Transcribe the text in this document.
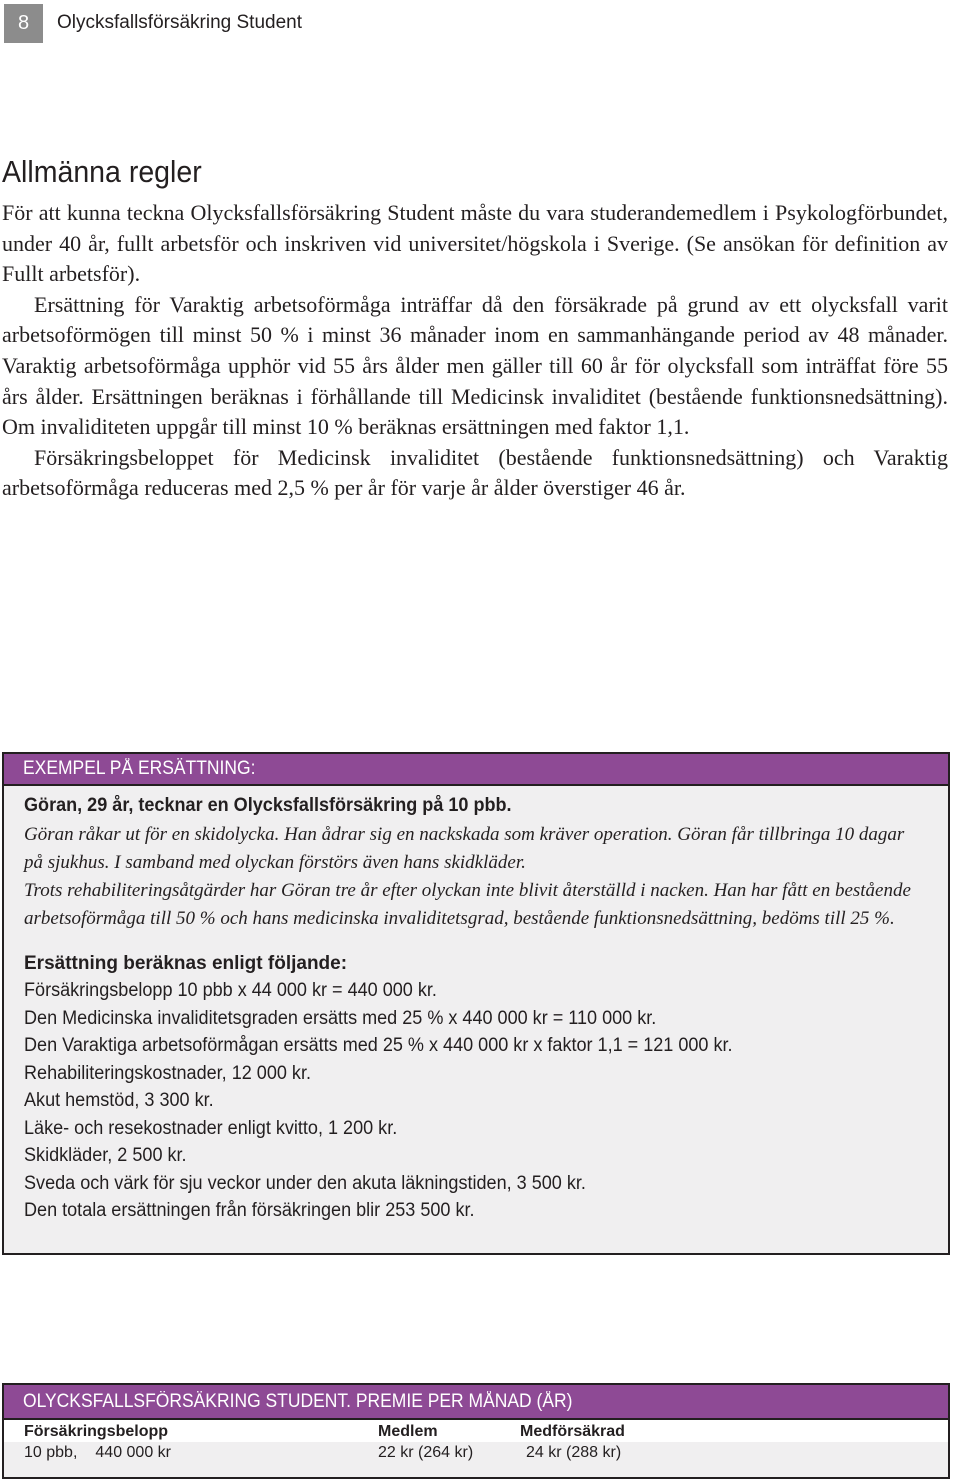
8	Olycksfallsförsäkring Student
Allmänna regler

För att kunna teckna Olycksfallsförsäkring Student måste du vara studerandemedlem i Psykologförbundet, under 40 år, fullt arbetsför och inskriven vid universitet/högskola i Sverige. (Se ansökan för definition av Fullt arbetsför).

Ersättning för Varaktig arbetsoförmåga inträffar då den försäkrade på grund av ett olycksfall varit arbetsoförmögen till minst 50 % i minst 36 månader inom en sammanhängande period av 48 månader. Varaktig arbetsoförmåga upphör vid 55 års ålder men gäller till 60 år för olycksfall som inträffat före 55 års ålder. Ersättningen beräknas i förhållande till Medicinsk invaliditet (bestående funktionsnedsättning). Om invaliditeten uppgår till minst 10 % beräknas ersättningen med faktor 1,1.

Försäkringsbeloppet för Medicinsk invaliditet (bestående funktionsnedsättning) och Varaktig arbetsoförmåga reduceras med 2,5 % per år för varje år ålder överstiger 46 år.

EXEMPEL PÅ ERSÄTTNING:
Göran, 29 år, tecknar en Olycksfallsförsäkring på 10 pbb.

Göran råkar ut för en skidolycka. Han ådrar sig en nackskada som kräver operation. Göran får tillbringa 10 dagar på sjukhus. I samband med olyckan förstörs även hans skidkläder.

Trots rehabiliteringsåtgärder har Göran tre år efter olyckan inte blivit återställd i nacken. Han har fått en bestående arbetsoförmåga till 50 % och hans medicinska invaliditetsgrad, bestående funktionsnedsättning, bedöms till 25 %.

Ersättning beräknas enligt följande:
Försäkringsbelopp 10 pbb x 44 000 kr = 440 000 kr.
Den Medicinska invaliditetsgraden ersätts med 25 % x 440 000 kr = 110 000 kr.
Den Varaktiga arbetsoförmågan ersätts med 25 % x 440 000 kr x faktor 1,1 = 121 000 kr.
Rehabiliteringskostnader, 12 000 kr.
Akut hemstöd, 3 300 kr.
Läke- och resekostnader enligt kvitto, 1 200 kr.
Skidkläder, 2 500 kr.
Sveda och värk för sju veckor under den akuta läkningstiden, 3 500 kr.
Den totala ersättningen från försäkringen blir 253 500 kr.
OLYCKSFALLSFÖRSÄKRING STUDENT. PREMIE PER MÅNAD (ÅR)
Försäkringsbelopp	Medlem	Medförsäkrad
10 pbb, 440 000 kr	22 kr (264 kr)	24 kr (288 kr)
